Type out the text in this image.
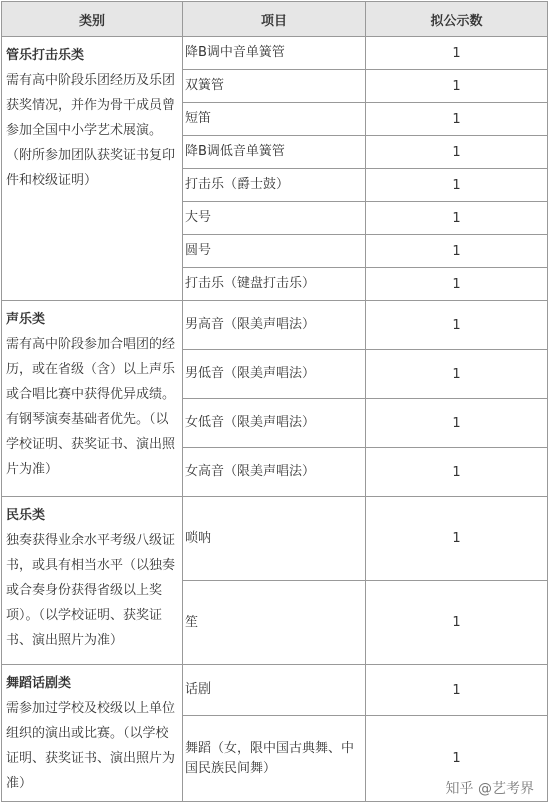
类别	项目	拟公示数

管乐打击乐类
需有高中阶段乐团经历及乐团获奖情况，并作为骨干成员曾参加全国中小学艺术展演。（附所参加团队获奖证书复印件和校级证明）	降B调中音单簧管	1
	双簧管	1
	短笛	1
	降B调低音单簧管	1
	打击乐（爵士鼓）	1
	大号	1
	圆号	1
	打击乐（键盘打击乐）	1

声乐类
需有高中阶段参加合唱团的经历，或在省级（含）以上声乐或合唱比赛中获得优异成绩。有钢琴演奏基础者优先。（以学校证明、获奖证书、演出照片为准）	男高音（限美声唱法）	1
	男低音（限美声唱法）	1
	女低音（限美声唱法）	1
	女高音（限美声唱法）	1

民乐类
独奏获得业余水平考级八级证书，或具有相当水平（以独奏或合奏身份获得省级以上奖项）。（以学校证明、获奖证书、演出照片为准）	唢呐	1
	笙	1

舞蹈话剧类
需参加过学校及校级以上单位组织的演出或比赛。（以学校证明、获奖证书、演出照片为准）	话剧	1
	舞蹈（女，限中国古典舞、中国民族民间舞）	1
知乎 @艺考界
